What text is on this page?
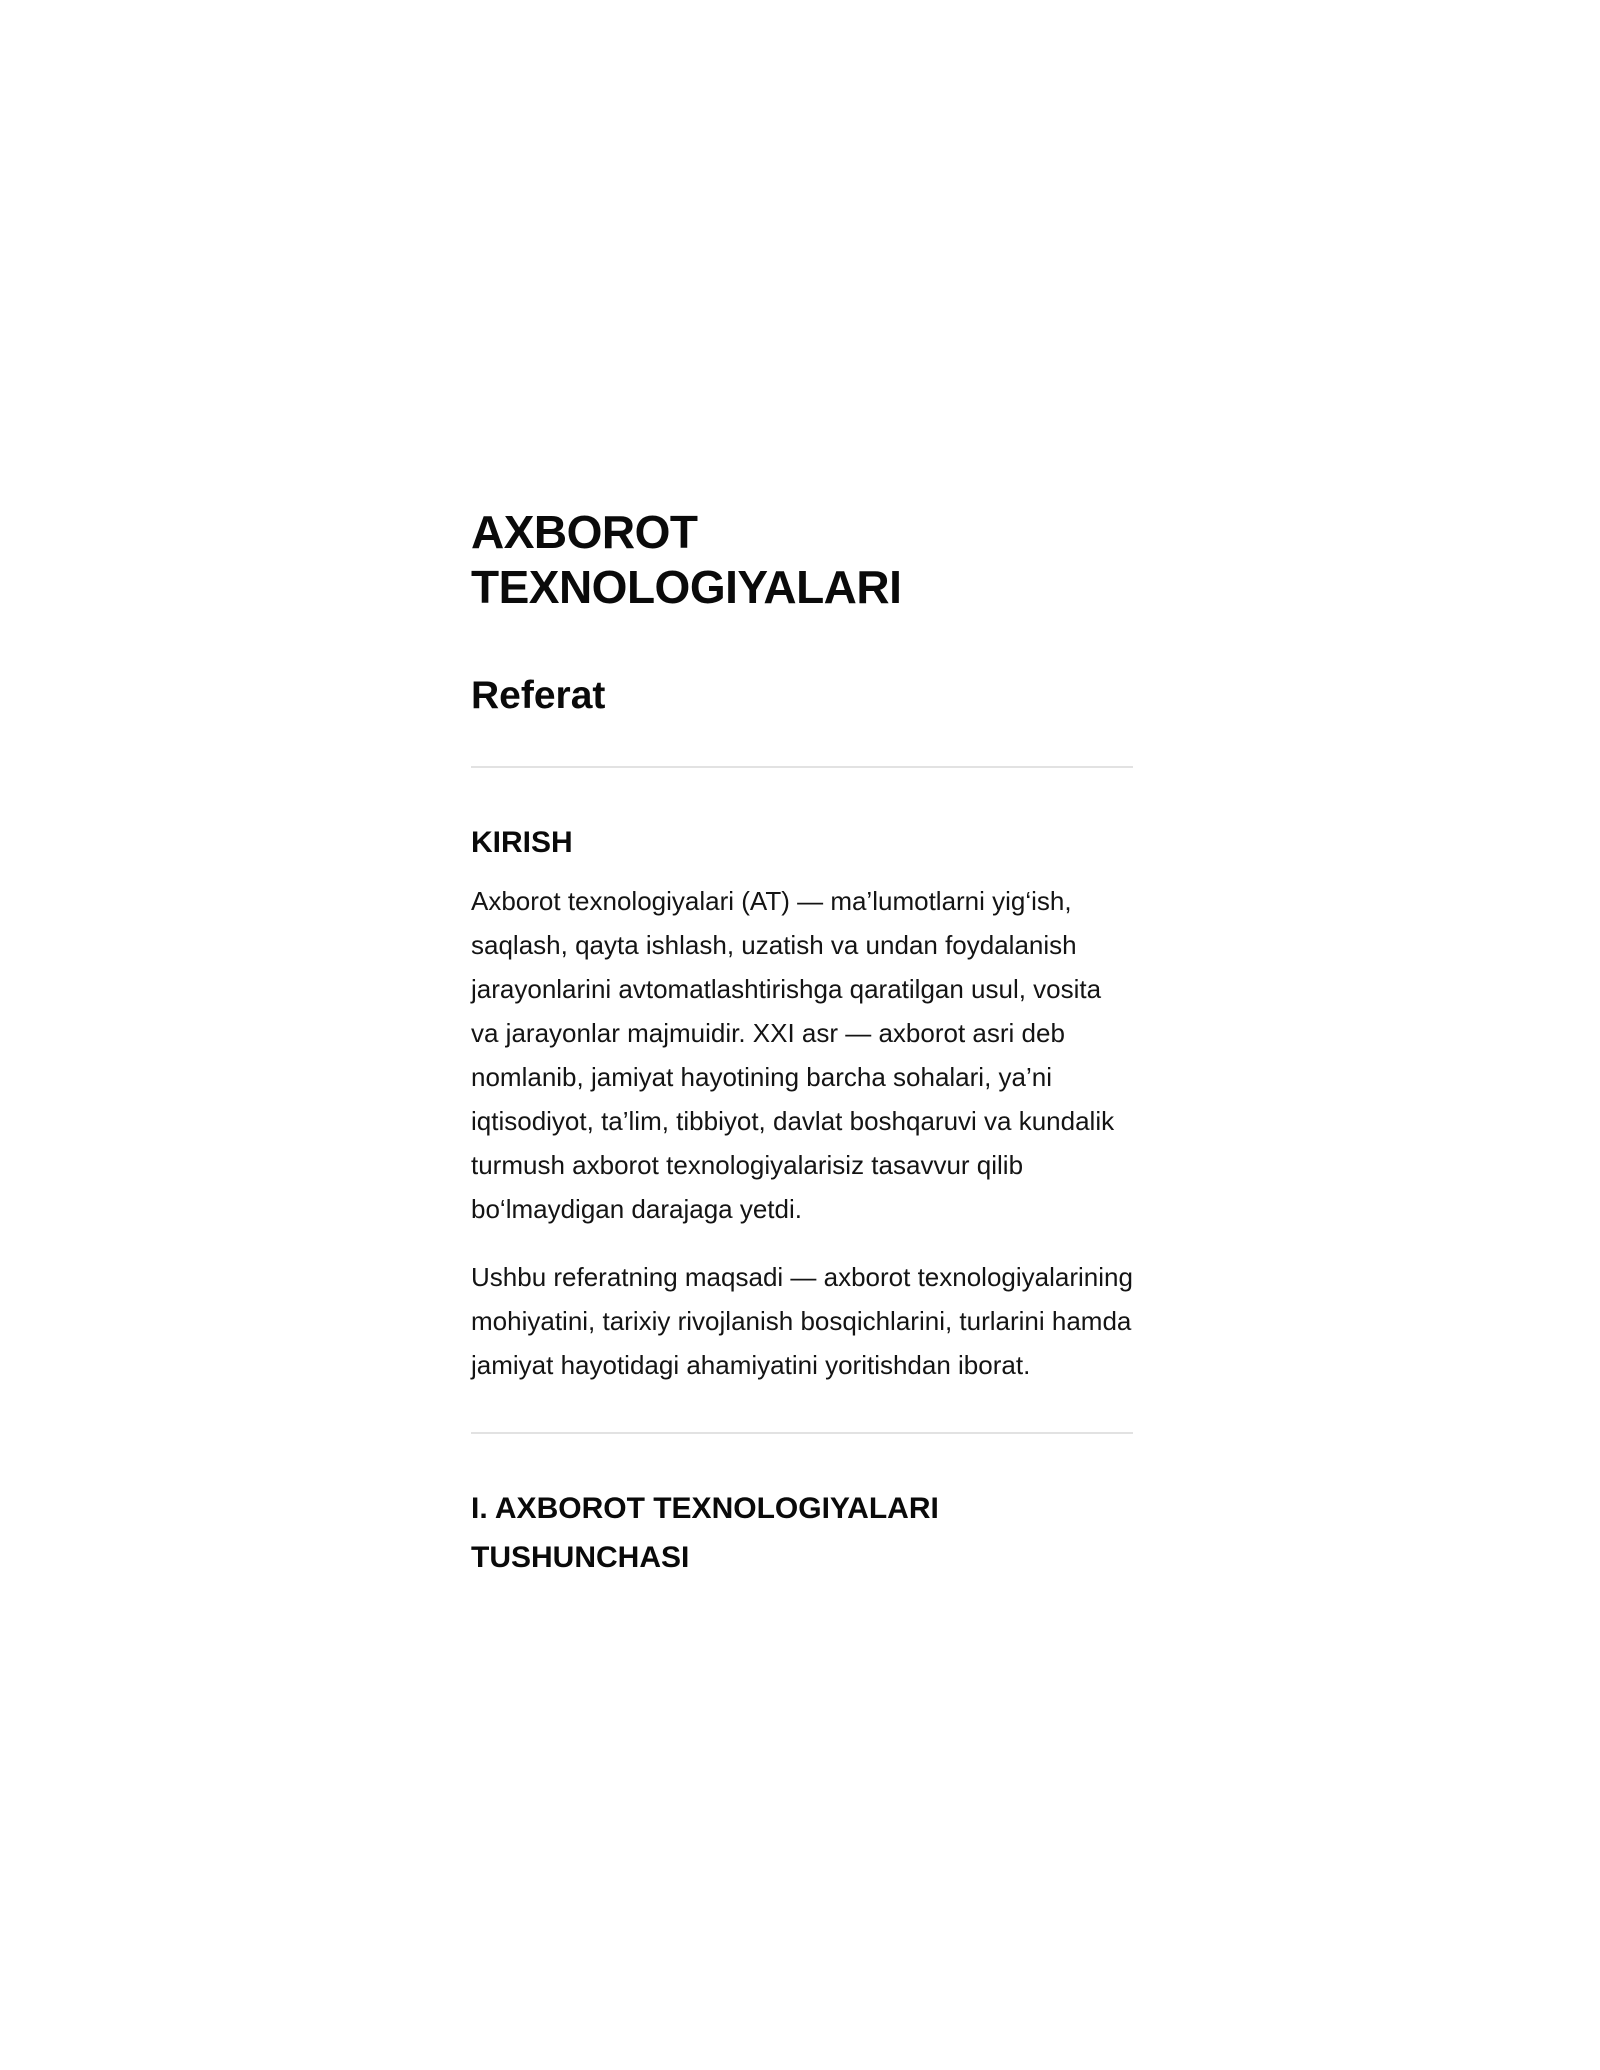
AXBOROT TEXNOLOGIYALARI
Referat
KIRISH

Axborot texnologiyalari (AT) — ma’lumotlarni yig‘ish, saqlash, qayta ishlash, uzatish va undan foydalanish jarayonlarini avtomatlashtirishga qaratilgan usul, vosita va jarayonlar majmuidir. XXI asr — axborot asri deb nomlanib, jamiyat hayotining barcha sohalari, ya’ni iqtisodiyot, ta’lim, tibbiyot, davlat boshqaruvi va kundalik turmush axborot texnologiyalarisiz tasavvur qilib bo‘lmaydigan darajaga yetdi.

Ushbu referatning maqsadi — axborot texnologiyalarining mohiyatini, tarixiy rivojlanish bosqichlarini, turlarini hamda jamiyat hayotidagi ahamiyatini yoritishdan iborat.

I. AXBOROT TEXNOLOGIYALARI TUSHUNCHASI
